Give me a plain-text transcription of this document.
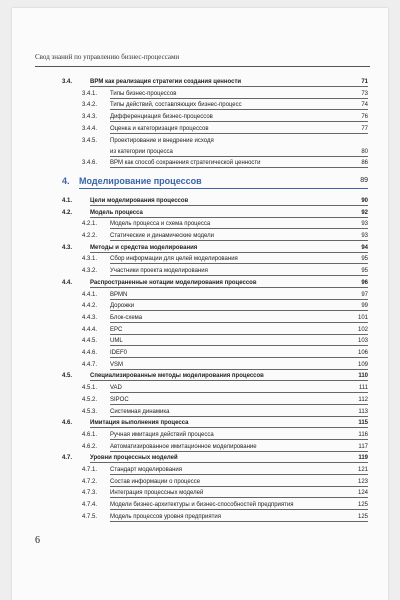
Свод знаний по управлению бизнес-процессами
3.4.	BPM как реализация стратегии создания ценности	71
3.4.1. Типы бизнес-процессов	73
3.4.2. Типы действий, составляющих бизнес-процесс	74
3.4.3. Дифференциация бизнес-процессов	76
3.4.4. Оценка и категоризация процессов	77
3.4.5. Проектирование и внедрение исходя
из категории процесса	80
3.4.6. BPM как способ сохранения стратегической ценности	86
4. Моделирование процессов	89
4.1.	Цели моделирования процессов	90
4.2.	Модель процесса	92
4.2.1. Модель процесса и схема процесса	93
4.2.2. Статические и динамические модели	93
4.3.	Методы и средства моделирования	94
4.3.1. Сбор информации для целей моделирования	95
4.3.2. Участники проекта моделирования	95
4.4.	Распространенные нотации моделирования процессов	96
4.4.1. BPMN	97
4.4.2. Дорожки	99
4.4.3. Блок-схема	101
4.4.4. EPC	102
4.4.5. UML	103
4.4.6. IDEF0	106
4.4.7. VSM	109
4.5.	Специализированные методы моделирования процессов	110
4.5.1. VAD	111
4.5.2. SIPOC	112
4.5.3. Системная динамика	113
4.6.	Имитация выполнения процесса	115
4.6.1. Ручная имитация действий процесса	116
4.6.2. Автоматизированное имитационное моделирование	117
4.7.	Уровни процессных моделей	119
4.7.1. Стандарт моделирования	121
4.7.2. Состав информации о процессе	123
4.7.3. Интеграция процессных моделей	124
4.7.4. Модели бизнес-архитектуры и бизнес-способностей предприятия	125
4.7.5. Модель процессов уровня предприятия	125
6
